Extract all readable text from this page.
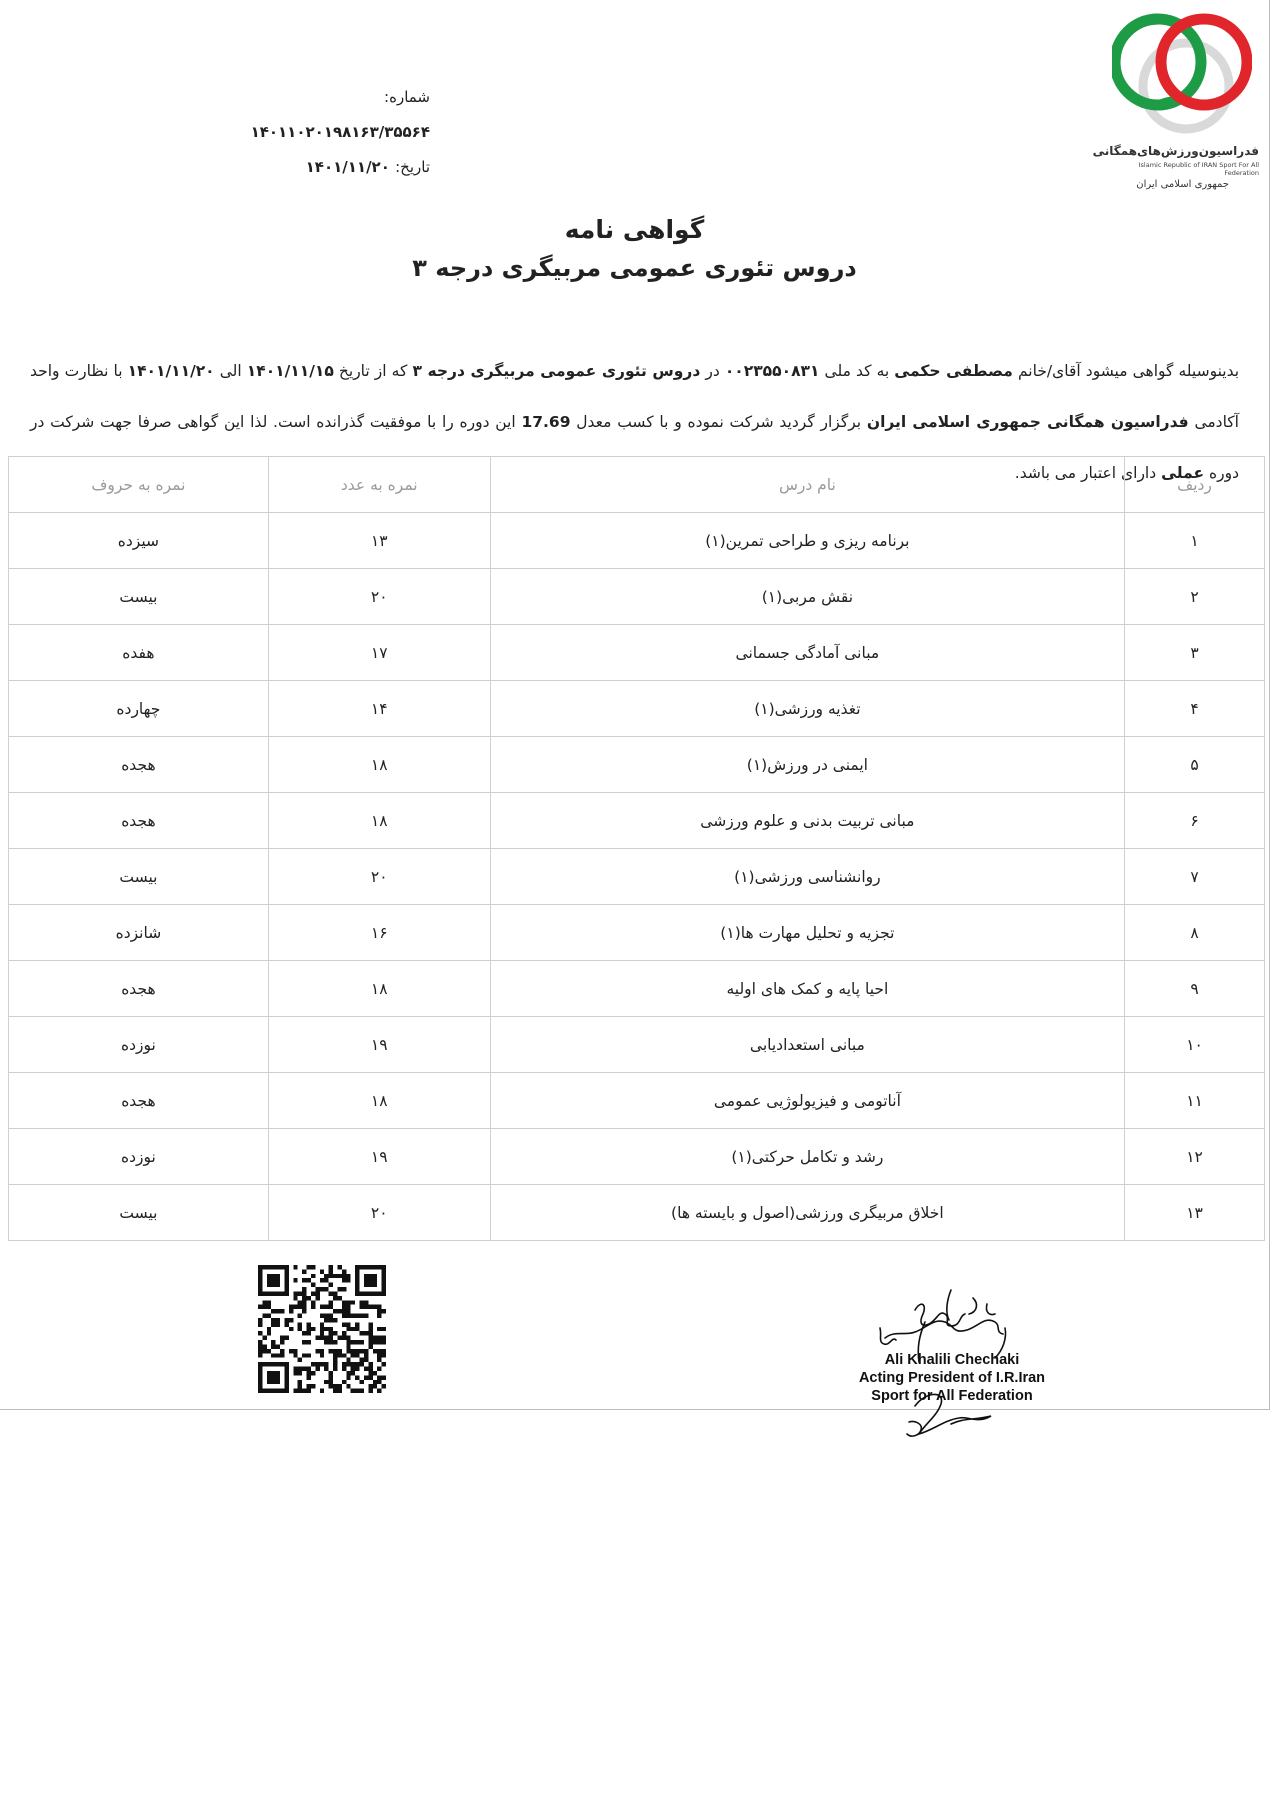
شماره: ۱۴۰۱۱۰۲۰۱۹۸۱۶۳/۳۵۵۶۴
تاریخ: ۱۴۰۱/۱۱/۲۰
فدراسیون‌ورزش‌های‌همگانی
Islamic Republic of IRAN Sport For All Federation
جمهوری اسلامی ایران
گواهی نامه
دروس تئوری عمومی مربیگری درجه ۳
بدینوسیله گواهی میشود آقای/خانم مصطفی حکمی به کد ملی ۰۰۲۳۵۵۰۸۳۱ در دروس تئوری عمومی مربیگری درجه ۳ که از تاریخ ۱۴۰۱/۱۱/۱۵ الی ۱۴۰۱/۱۱/۲۰ با نظارت واحد آکادمی فدراسیون همگانی جمهوری اسلامی ایران برگزار گردید شرکت نموده و با کسب معدل 17.69 این دوره را با موفقیت گذرانده است. لذا این گواهی صرفا جهت شرکت در دوره عملی دارای اعتبار می باشد.
ردیف	نام درس	نمره به عدد	نمره به حروف
۱	برنامه ریزی و طراحی تمرین(۱)	۱۳	سیزده
۲	نقش مربی(۱)	۲۰	بیست
۳	مبانی آمادگی جسمانی	۱۷	هفده
۴	تغذیه ورزشی(۱)	۱۴	چهارده
۵	ایمنی در ورزش(۱)	۱۸	هجده
۶	مبانی تربیت بدنی و علوم ورزشی	۱۸	هجده
۷	روانشناسی ورزشی(۱)	۲۰	بیست
۸	تجزیه و تحلیل مهارت ها(۱)	۱۶	شانزده
۹	احیا پایه و کمک های اولیه	۱۸	هجده
۱۰	مبانی استعدادیابی	۱۹	نوزده
۱۱	آناتومی و فیزیولوژیی عمومی	۱۸	هجده
۱۲	رشد و تکامل حرکتی(۱)	۱۹	نوزده
۱۳	اخلاق مربیگری ورزشی(اصول و بایسته ها)	۲۰	بیست
Ali Khalili Chechaki
Acting President of I.R.Iran
Sport for All Federation
